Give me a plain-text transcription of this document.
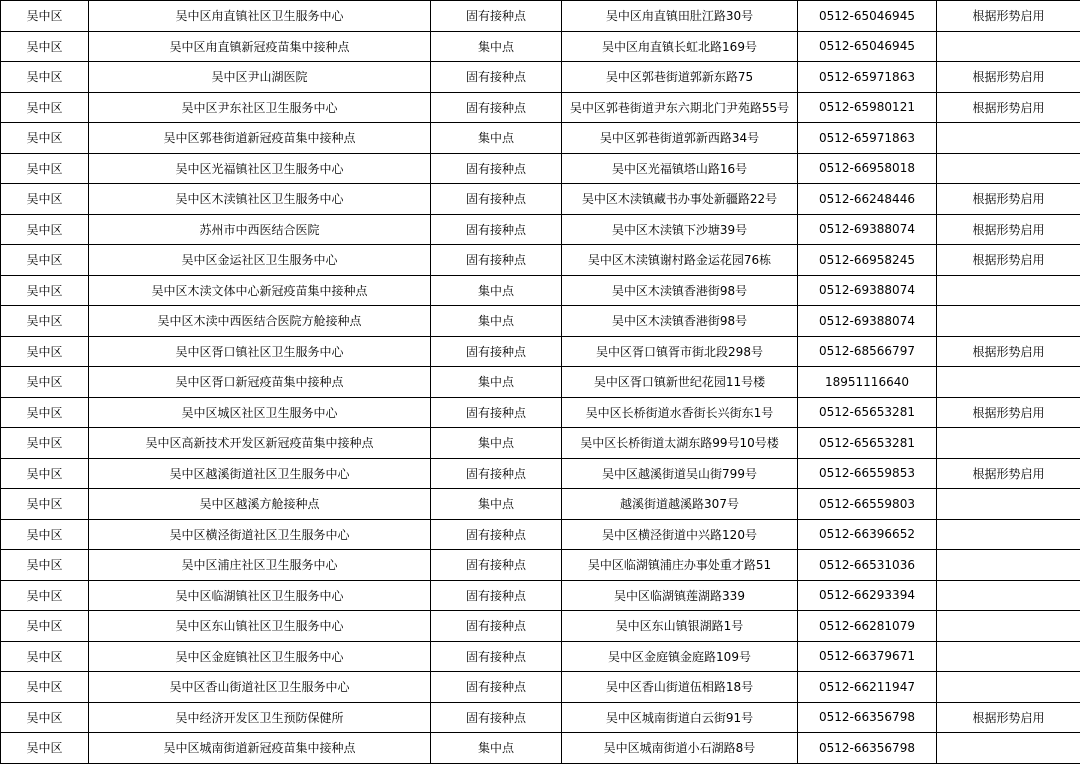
吴中区	吴中区甪直镇社区卫生服务中心	固有接种点	吴中区甪直镇田肚江路30号	0512-65046945	根据形势启用
吴中区	吴中区甪直镇新冠疫苗集中接种点	集中点	吴中区甪直镇长虹北路169号	0512-65046945	
吴中区	吴中区尹山湖医院	固有接种点	吴中区郭巷街道郭新东路75	0512-65971863	根据形势启用
吴中区	吴中区尹东社区卫生服务中心	固有接种点	吴中区郭巷街道尹东六期北门尹苑路55号	0512-65980121	根据形势启用
吴中区	吴中区郭巷街道新冠疫苗集中接种点	集中点	吴中区郭巷街道郭新西路34号	0512-65971863	
吴中区	吴中区光福镇社区卫生服务中心	固有接种点	吴中区光福镇塔山路16号	0512-66958018	
吴中区	吴中区木渎镇社区卫生服务中心	固有接种点	吴中区木渎镇藏书办事处新疆路22号	0512-66248446	根据形势启用
吴中区	苏州市中西医结合医院	固有接种点	吴中区木渎镇下沙塘39号	0512-69388074	根据形势启用
吴中区	吴中区金运社区卫生服务中心	固有接种点	吴中区木渎镇谢村路金运花园76栋	0512-66958245	根据形势启用
吴中区	吴中区木渎文体中心新冠疫苗集中接种点	集中点	吴中区木渎镇香港街98号	0512-69388074	
吴中区	吴中区木渎中西医结合医院方舱接种点	集中点	吴中区木渎镇香港街98号	0512-69388074	
吴中区	吴中区胥口镇社区卫生服务中心	固有接种点	吴中区胥口镇胥市街北段298号	0512-68566797	根据形势启用
吴中区	吴中区胥口新冠疫苗集中接种点	集中点	吴中区胥口镇新世纪花园11号楼	18951116640	
吴中区	吴中区城区社区卫生服务中心	固有接种点	吴中区长桥街道水香街长兴街东1号	0512-65653281	根据形势启用
吴中区	吴中区高新技术开发区新冠疫苗集中接种点	集中点	吴中区长桥街道太湖东路99号10号楼	0512-65653281	
吴中区	吴中区越溪街道社区卫生服务中心	固有接种点	吴中区越溪街道吴山街799号	0512-66559853	根据形势启用
吴中区	吴中区越溪方舱接种点	集中点	越溪街道越溪路307号	0512-66559803	
吴中区	吴中区横泾街道社区卫生服务中心	固有接种点	吴中区横泾街道中兴路120号	0512-66396652	
吴中区	吴中区浦庄社区卫生服务中心	固有接种点	吴中区临湖镇浦庄办事处重才路51	0512-66531036	
吴中区	吴中区临湖镇社区卫生服务中心	固有接种点	吴中区临湖镇莲湖路339	0512-66293394	
吴中区	吴中区东山镇社区卫生服务中心	固有接种点	吴中区东山镇银湖路1号	0512-66281079	
吴中区	吴中区金庭镇社区卫生服务中心	固有接种点	吴中区金庭镇金庭路109号	0512-66379671	
吴中区	吴中区香山街道社区卫生服务中心	固有接种点	吴中区香山街道伍相路18号	0512-66211947	
吴中区	吴中经济开发区卫生预防保健所	固有接种点	吴中区城南街道白云街91号	0512-66356798	根据形势启用
吴中区	吴中区城南街道新冠疫苗集中接种点	集中点	吴中区城南街道小石湖路8号	0512-66356798	
